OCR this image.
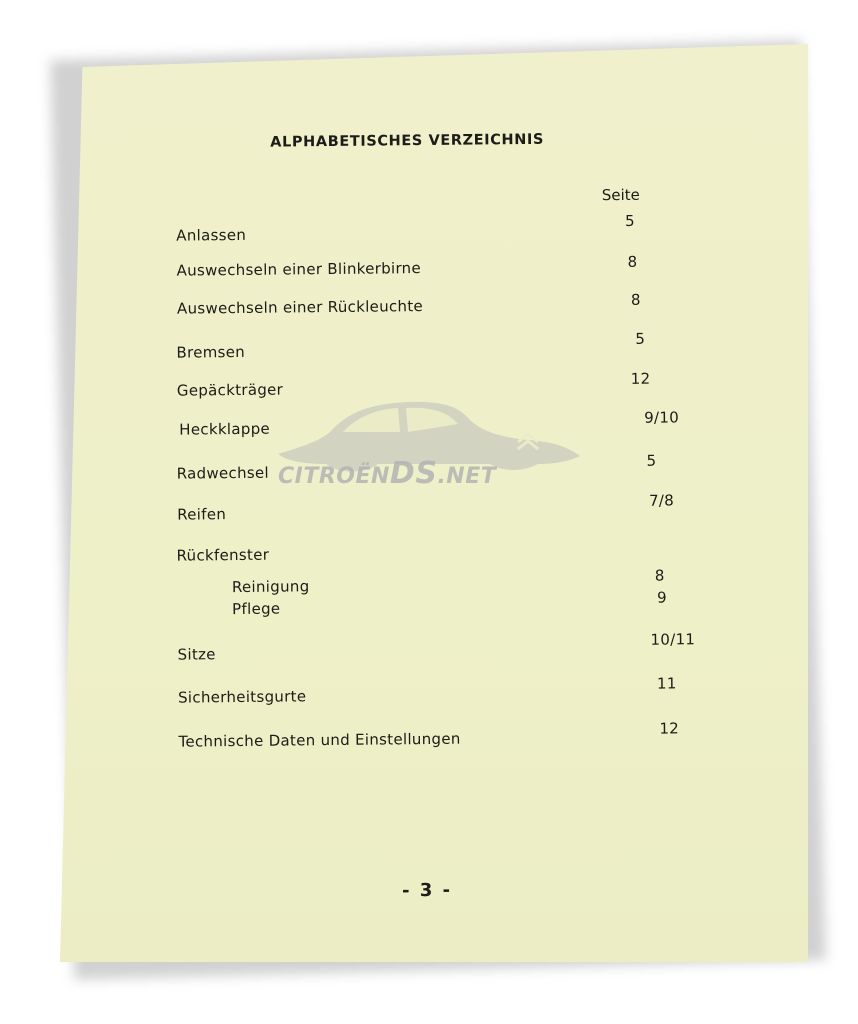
ALPHABETISCHES VERZEICHNIS
Seite
Anlassen
5
Auswechseln einer Blinkerbirne	8
Auswechseln einer Rückleuchte	8
Bremsen
5
Gepäckträger
12
Heckklappe
9/10
Radwechsel
5
Reifen
7/8
Rückfenster
Reinigung
8
Pflege
9
Sitze
10/11
Sicherheitsgurte
11
Technische Daten und Einstellungen
12
- 3 -
CITROËNDS.NET
